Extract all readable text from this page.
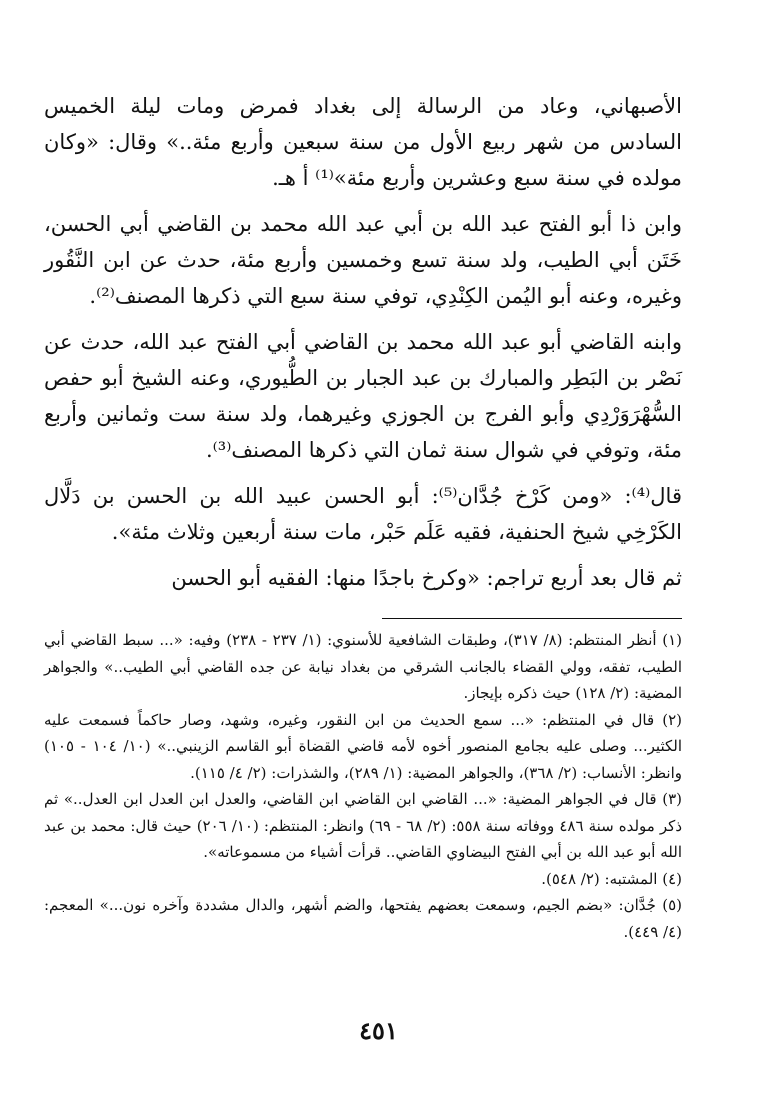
الأصبهاني، وعاد من الرسالة إلى بغداد فمرض ومات ليلة الخميس السادس من شهر ربيع الأول من سنة سبعين وأربع مئة..» وقال: «وكان مولده في سنة سبع وعشرين وأربع مئة»⁽¹⁾ أ هـ.

وابن ذا أبو الفتح عبد الله بن أبي عبد الله محمد بن القاضي أبي الحسن، خَتَن أبي الطيب، ولد سنة تسع وخمسين وأربع مئة، حدث عن ابن النَّقُور وغيره، وعنه أبو اليُمن الكِنْدِي، توفي سنة سبع التي ذكرها المصنف⁽²⁾.

وابنه القاضي أبو عبد الله محمد بن القاضي أبي الفتح عبد الله، حدث عن نَصْر بن البَطِر والمبارك بن عبد الجبار بن الطُّيوري، وعنه الشيخ أبو حفص السُّهْرَوَرْدِي وأبو الفرج بن الجوزي وغيرهما، ولد سنة ست وثمانين وأربع مئة، وتوفي في شوال سنة ثمان التي ذكرها المصنف⁽³⁾.

قال⁽⁴⁾: «ومن كَرْخ جُدَّان⁽⁵⁾: أبو الحسن عبيد الله بن الحسن بن دَلَّال الكَرْخِي شيخ الحنفية، فقيه عَلَم حَبْر، مات سنة أربعين وثلاث مئة».

ثم قال بعد أربع تراجم: «وكرخ باجدًا منها: الفقيه أبو الحسن

(١) أنظر المنتظم: (٨/ ٣١٧)، وطبقات الشافعية للأسنوي: (١/ ٢٣٧ - ٢٣٨) وفيه: «... سبط القاضي أبي الطيب، تفقه، وولي القضاء بالجانب الشرقي من بغداد نيابة عن جده القاضي أبي الطيب..» والجواهر المضية: (٢/ ١٢٨) حيث ذكره بإيجاز.

(٢) قال في المنتظم: «... سمع الحديث من ابن النقور، وغيره، وشهد، وصار حاكماً فسمعت عليه الكثير... وصلى عليه بجامع المنصور أخوه لأمه قاضي القضاة أبو القاسم الزينبي..» (١٠/ ١٠٤ - ١٠٥) وانظر: الأنساب: (٢/ ٣٦٨)، والجواهر المضية: (١/ ٢٨٩)، والشذرات: (٢/ ٤/ ١١٥).

(٣) قال في الجواهر المضية: «... القاضي ابن القاضي ابن القاضي، والعدل ابن العدل ابن العدل..» ثم ذكر مولده سنة ٤٨٦ ووفاته سنة ٥٥٨: (٢/ ٦٨ - ٦٩) وانظر: المنتظم: (١٠/ ٢٠٦) حيث قال: محمد بن عبد الله أبو عبد الله بن أبي الفتح البيضاوي القاضي.. قرأت أشياء من مسموعاته».

(٤) المشتبه: (٢/ ٥٤٨).

(٥) جُدَّان: «بضم الجيم، وسمعت بعضهم يفتحها، والضم أشهر، والدال مشددة وآخره نون...» المعجم: (٤/ ٤٤٩).

٤٥١
